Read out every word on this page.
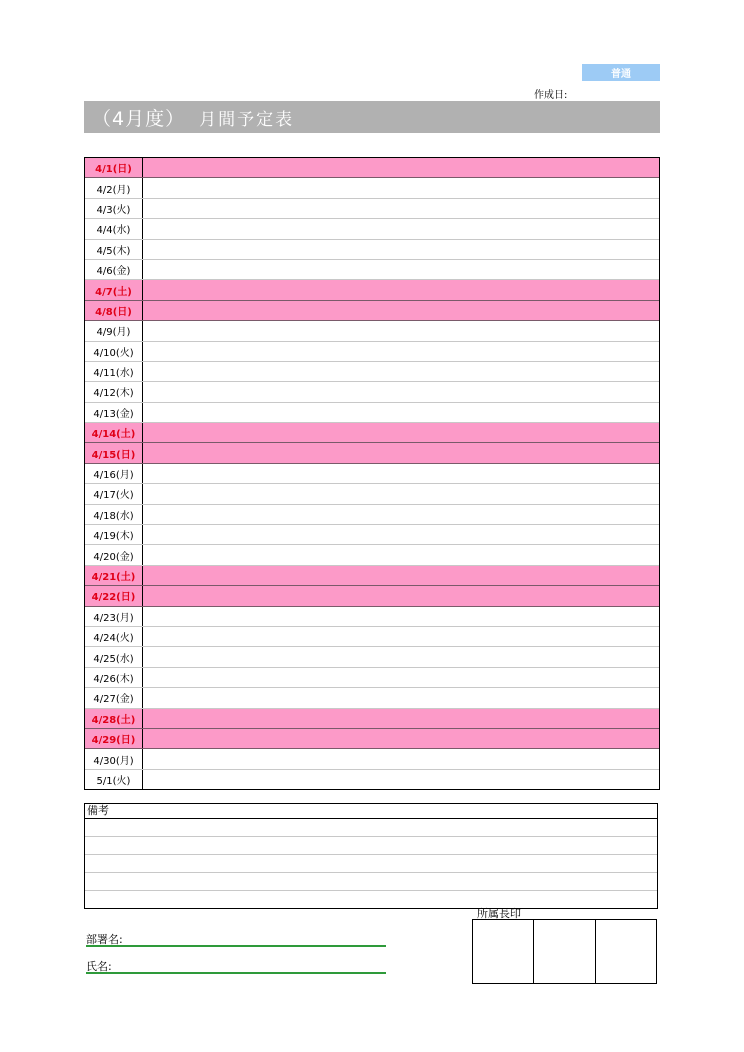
普通
作成日:
（4月度） 月間予定表
4/1(日)
4/2(月)
4/3(火)
4/4(水)
4/5(木)
4/6(金)
4/7(土)
4/8(日)
4/9(月)
4/10(火)
4/11(水)
4/12(木)
4/13(金)
4/14(土)
4/15(日)
4/16(月)
4/17(火)
4/18(水)
4/19(木)
4/20(金)
4/21(土)
4/22(日)
4/23(月)
4/24(火)
4/25(水)
4/26(木)
4/27(金)
4/28(土)
4/29(日)
4/30(月)
5/1(火)
備考
所属長印
部署名:
氏名:
